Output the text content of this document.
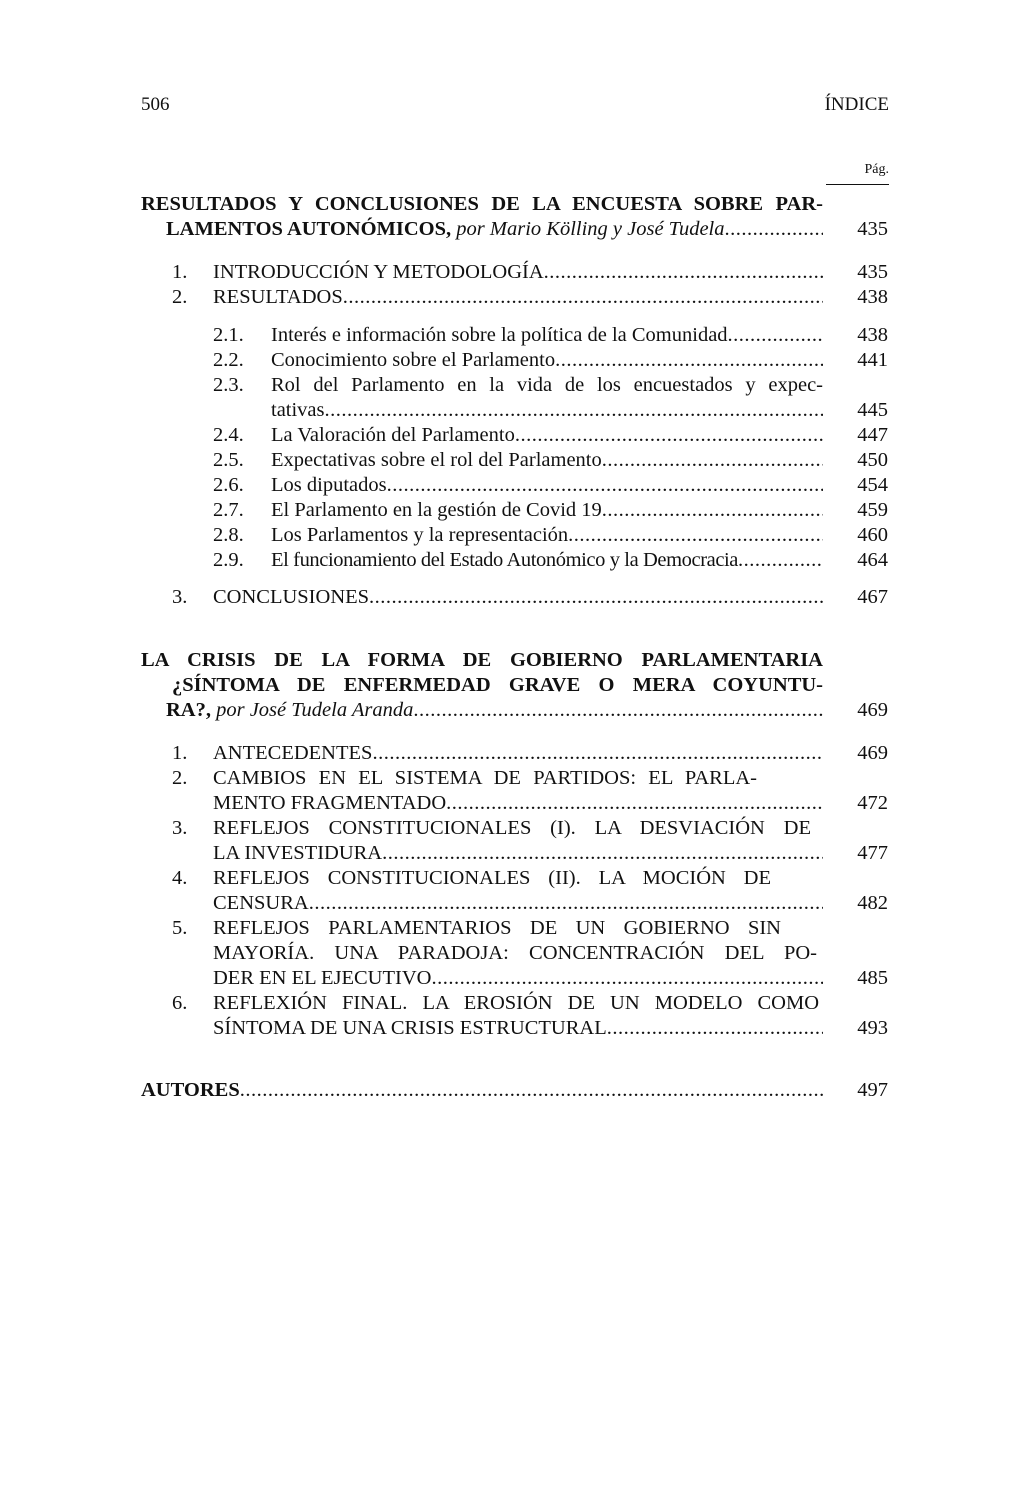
506	ÍNDICE
Pág.
RESULTADOS Y CONCLUSIONES DE LA ENCUESTA SOBRE PAR-
LAMENTOS AUTONÓMICOS, por Mario Kölling y José Tudela .....	435
1. INTRODUCCIÓN Y METODOLOGÍA .....	435
2. RESULTADOS .....	438
2.1. Interés e información sobre la política de la Comunidad .....	438
2.2. Conocimiento sobre el Parlamento .....	441
2.3. Rol del Parlamento en la vida de los encuestados y expec-
tativas .....	445
2.4. La Valoración del Parlamento .....	447
2.5. Expectativas sobre el rol del Parlamento .....	450
2.6. Los diputados .....	454
2.7. El Parlamento en la gestión de Covid 19 .....	459
2.8. Los Parlamentos y la representación .....	460
2.9. El funcionamiento del Estado Autonómico y la Democracia .....	464
3. CONCLUSIONES .....	467
LA CRISIS DE LA FORMA DE GOBIERNO PARLAMENTARIA
¿SÍNTOMA DE ENFERMEDAD GRAVE O MERA COYUNTU-
RA?, por José Tudela Aranda .....	469
1. ANTECEDENTES .....	469
2. CAMBIOS EN EL SISTEMA DE PARTIDOS: EL PARLA-
MENTO FRAGMENTADO .....	472
3. REFLEJOS CONSTITUCIONALES (I). LA DESVIACIÓN DE
LA INVESTIDURA .....	477
4. REFLEJOS CONSTITUCIONALES (II). LA MOCIÓN DE
CENSURA .....	482
5. REFLEJOS PARLAMENTARIOS DE UN GOBIERNO SIN
MAYORÍA. UNA PARADOJA: CONCENTRACIÓN DEL PO-
DER EN EL EJECUTIVO .....	485
6. REFLEXIÓN FINAL. LA EROSIÓN DE UN MODELO COMO
SÍNTOMA DE UNA CRISIS ESTRUCTURAL .....	493
AUTORES .....	497
